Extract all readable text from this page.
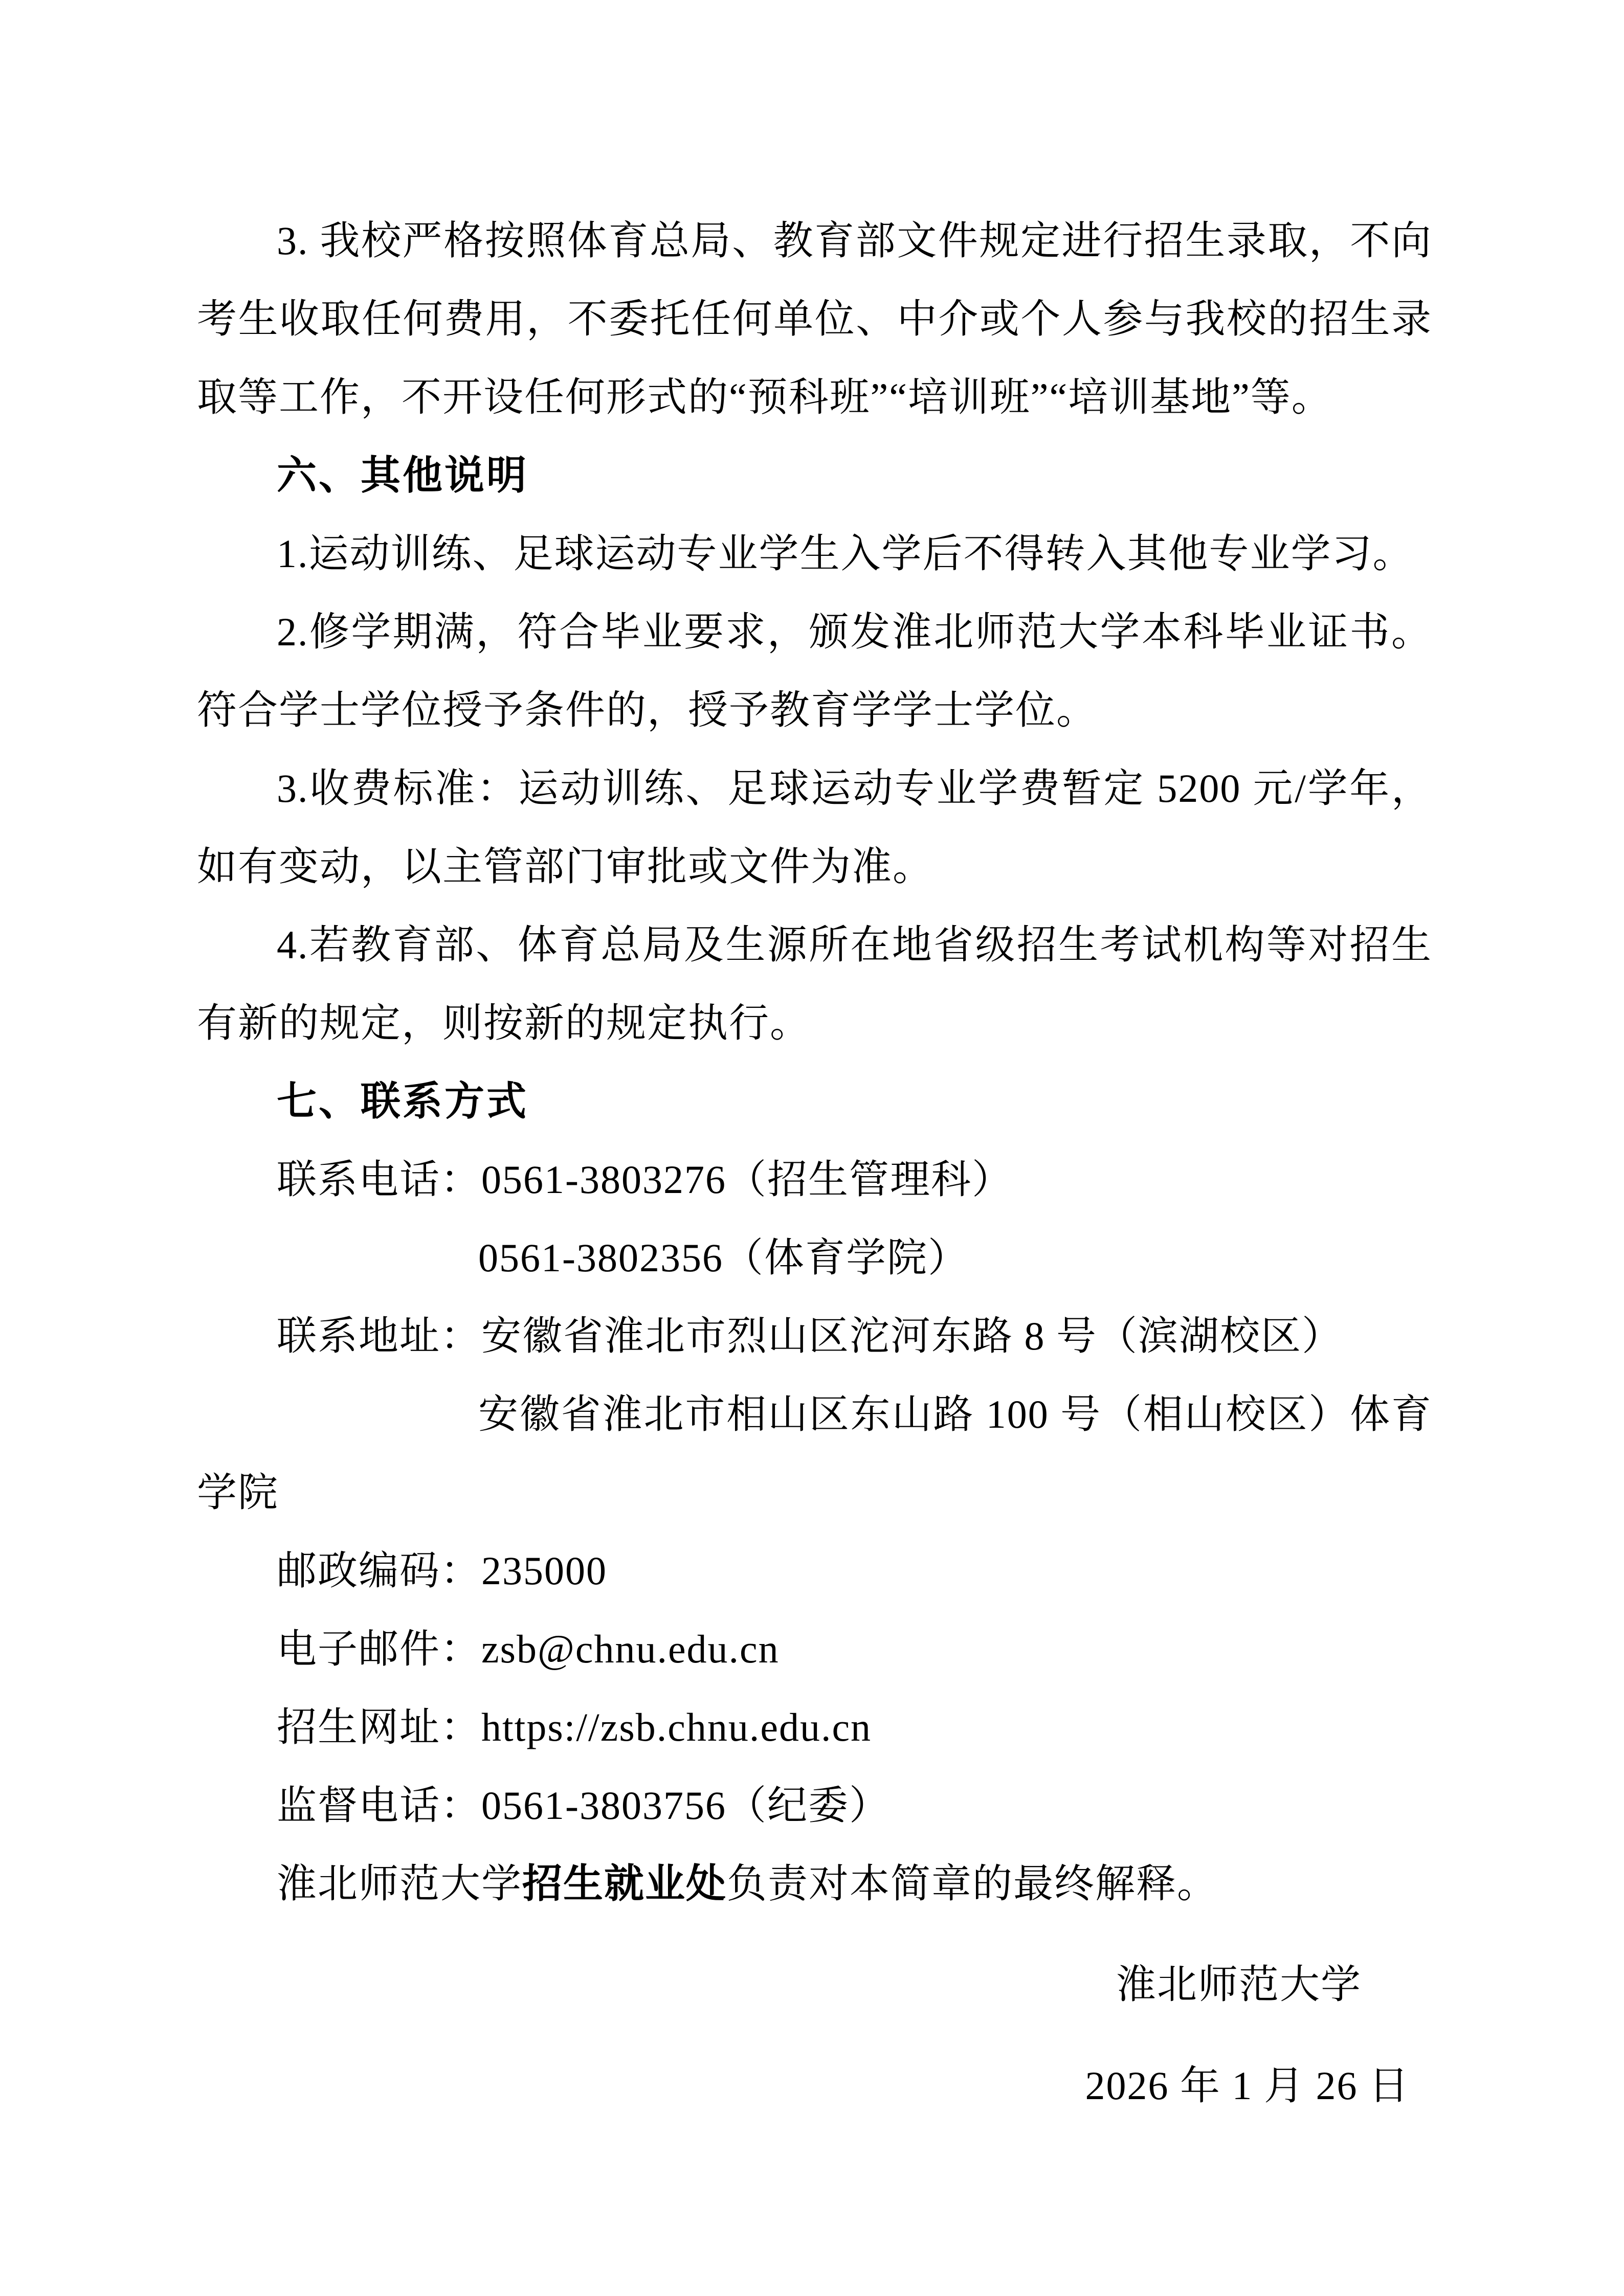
3. 我校严格按照体育总局、教育部文件规定进行招生录取，不向
考生收取任何费用，不委托任何单位、中介或个人参与我校的招生录
取等工作，不开设任何形式的“预科班”“培训班”“培训基地”等。
六、其他说明
1.运动训练、足球运动专业学生入学后不得转入其他专业学习。
2.修学期满，符合毕业要求，颁发淮北师范大学本科毕业证书。
符合学士学位授予条件的，授予教育学学士学位。
3.收费标准：运动训练、足球运动专业学费暂定 5200 元/学年，
如有变动，以主管部门审批或文件为准。
4.若教育部、体育总局及生源所在地省级招生考试机构等对招生
有新的规定，则按新的规定执行。
七、联系方式
联系电话：0561-3803276（招生管理科）
0561-3802356（体育学院）
联系地址：安徽省淮北市烈山区沱河东路 8 号（滨湖校区）
安徽省淮北市相山区东山路 100 号（相山校区）体育
学院
邮政编码：235000
电子邮件：zsb@chnu.edu.cn
招生网址：https://zsb.chnu.edu.cn
监督电话：0561-3803756（纪委）
淮北师范大学招生就业处负责对本简章的最终解释。
淮北师范大学
2026 年 1 月 26 日
